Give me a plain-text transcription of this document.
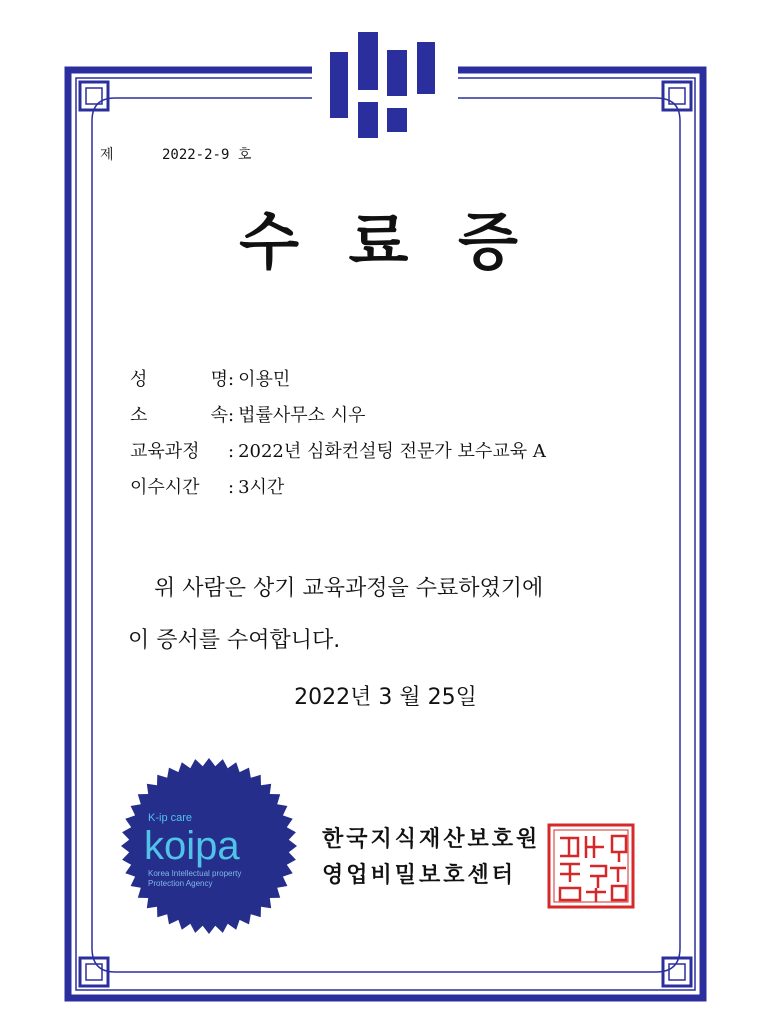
제	2022-2-9 호
수 료 증
성	명 : 이용민
소	속 : 법률사무소 시우
교육과정	: 2022년 심화컨설팅 전문가 보수교육 A
이수시간	: 3시간
위 사람은 상기 교육과정을 수료하였기에
이 증서를 수여합니다.
2022년 3 월 25일
K-ip care
koipa
Korea Intellectual property
Protection Agency
한국지식재산보호원
영업비밀보호센터
